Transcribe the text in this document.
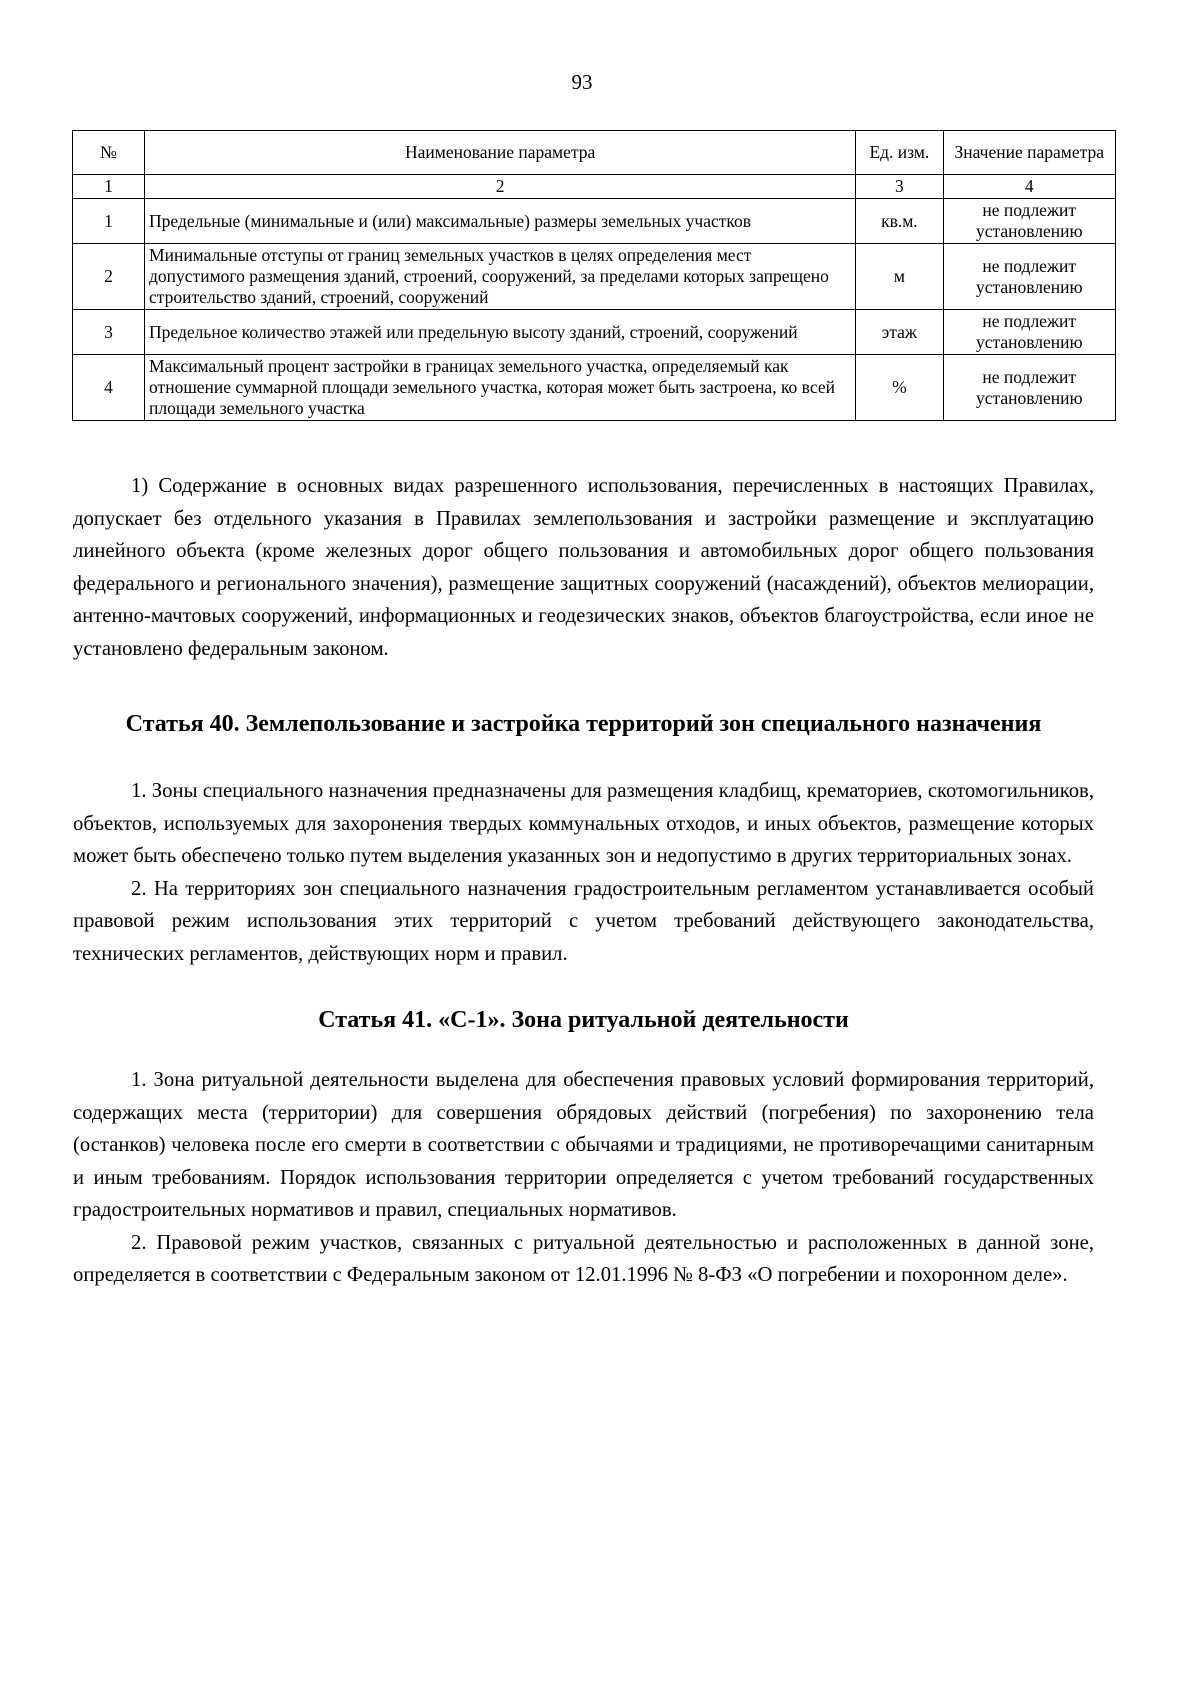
93
№	Наименование параметра	Ед. изм.	Значение параметра
1	2	3	4
1	Предельные (минимальные и (или) максимальные) размеры земельных участков	кв.м.	не подлежит установлению
2	Минимальные отступы от границ земельных участков в целях определения мест допустимого размещения зданий, строений, сооружений, за пределами которых запрещено строительство зданий, строений, сооружений	м	не подлежит установлению
3	Предельное количество этажей или предельную высоту зданий, строений, сооружений	этаж	не подлежит установлению
4	Максимальный процент застройки в границах земельного участка, определяемый как отношение суммарной площади земельного участка, которая может быть застроена, ко всей площади земельного участка	%	не подлежит установлению

1) Содержание в основных видах разрешенного использования, перечисленных в настоящих Правилах, допускает без отдельного указания в Правилах землепользования и застройки размещение и эксплуатацию линейного объекта (кроме железных дорог общего пользования и автомобильных дорог общего пользования федерального и регионального значения), размещение защитных сооружений (насаждений), объектов мелиорации, антенно-мачтовых сооружений, информационных и геодезических знаков, объектов благоустройства, если иное не установлено федеральным законом.

Статья 40. Землепользование и застройка территорий зон специального назначения

1. Зоны специального назначения предназначены для размещения кладбищ, крематориев, скотомогильников, объектов, используемых для захоронения твердых коммунальных отходов, и иных объектов, размещение которых может быть обеспечено только путем выделения указанных зон и недопустимо в других территориальных зонах.

2. На территориях зон специального назначения градостроительным регламентом устанавливается особый правовой режим использования этих территорий с учетом требований действующего законодательства, технических регламентов, действующих норм и правил.

Статья 41. «С-1». Зона ритуальной деятельности

1. Зона ритуальной деятельности выделена для обеспечения правовых условий формирования территорий, содержащих места (территории) для совершения обрядовых действий (погребения) по захоронению тела (останков) человека после его смерти в соответствии с обычаями и традициями, не противоречащими санитарным и иным требованиям. Порядок использования территории определяется с учетом требований государственных градостроительных нормативов и правил, специальных нормативов.

2. Правовой режим участков, связанных с ритуальной деятельностью и расположенных в данной зоне, определяется в соответствии с Федеральным законом от 12.01.1996 № 8-ФЗ «О погребении и похоронном деле».
